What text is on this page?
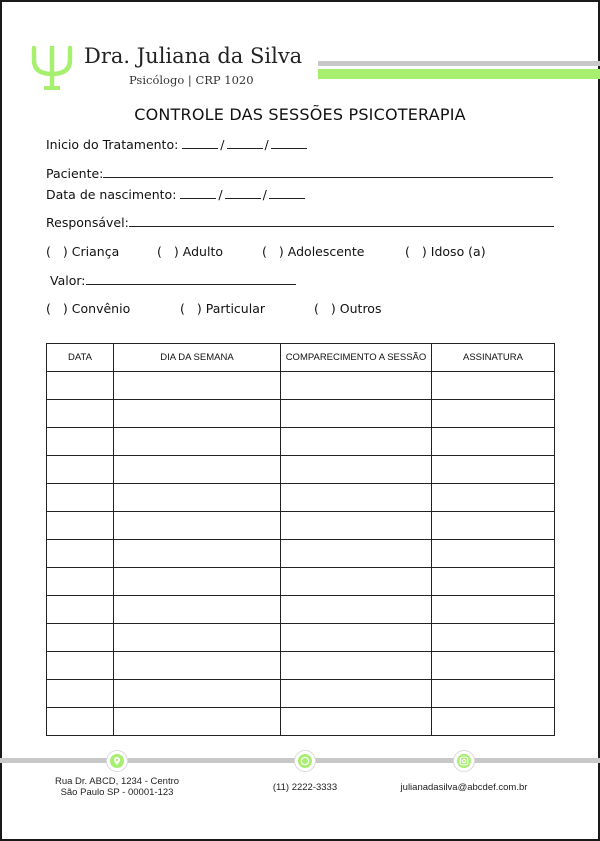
Dra. Juliana da Silva
Psicólogo | CRP 1020
CONTROLE DAS SESSÕES PSICOTERAPIA
Inicio do Tratamento:	/	/
Paciente:
Data de nascimento:	/	/
Responsável:
( ) Criança	( ) Adulto	( ) Adolescente	( ) Idoso (a)
Valor:
( ) Convênio	( ) Particular	( ) Outros
DATA	DIA DA SEMANA	COMPARECIMENTO A SESSÃO	ASSINATURA

Rua Dr. ABCD, 1234 - Centro
São Paulo SP - 00001-123	(11) 2222-3333	julianadasilva@abcdef.com.br
